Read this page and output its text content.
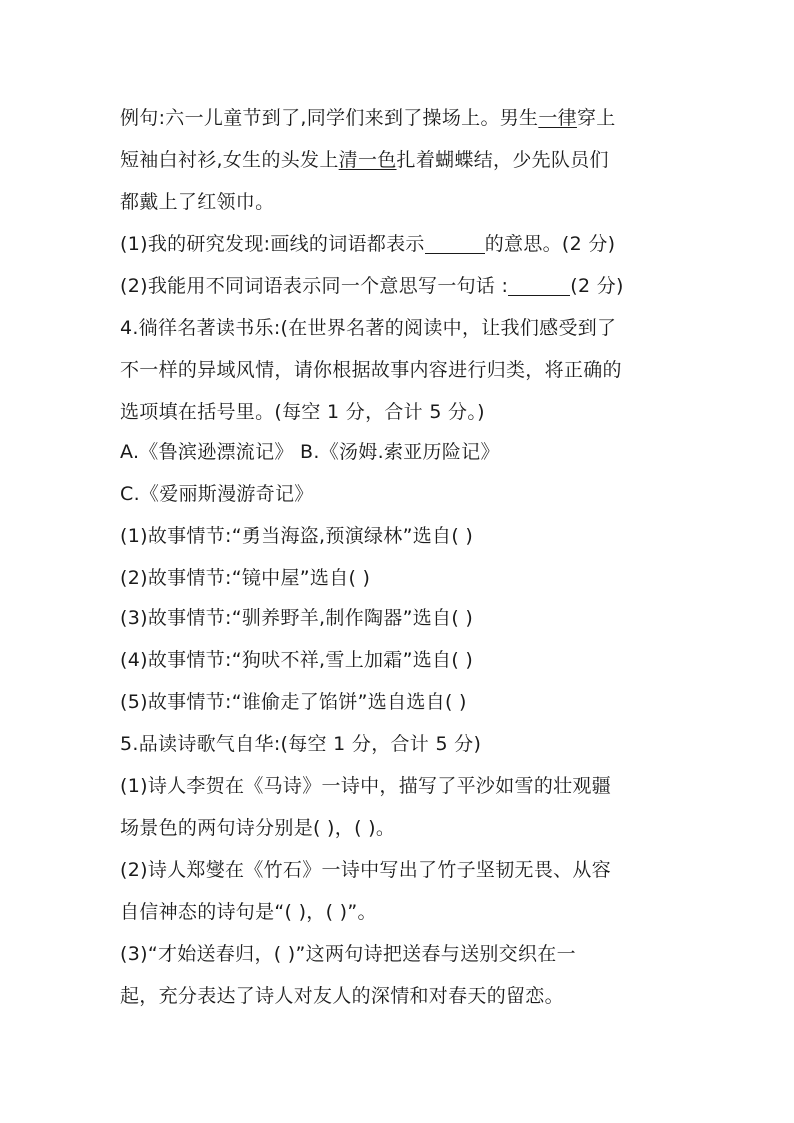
例句:六一儿童节到了,同学们来到了操场上。男生一律穿上
短袖白衬衫,女生的头发上清一色扎着蝴蝶结，少先队员们
都戴上了红领巾。
(1)我的研究发现:画线的词语都表示	的意思。(2 分)
(2)我能用不同词语表示同一个意思写一句话 :	(2 分)
4.徜徉名著读书乐:(在世界名著的阅读中，让我们感受到了
不一样的异域风情，请你根据故事内容进行归类，将正确的
选项填在括号里。(每空 1 分，合计 5 分。)
A.《鲁滨逊漂流记》 B.《汤姆.索亚历险记》
C.《爱丽斯漫游奇记》
(1)故事情节:“勇当海盗,预演绿林”选自( )
(2)故事情节:“镜中屋”选自( )
(3)故事情节:“驯养野羊,制作陶器”选自( )
(4)故事情节:“狗吠不祥,雪上加霜”选自( )
(5)故事情节:“谁偷走了馅饼”选自选自( )
5.品读诗歌气自华:(每空 1 分，合计 5 分)
(1)诗人李贺在《马诗》一诗中，描写了平沙如雪的壮观疆
场景色的两句诗分别是( )，( )。
(2)诗人郑燮在《竹石》一诗中写出了竹子坚韧无畏、从容
自信神态的诗句是“( )，( )”。
(3)“才始送春归，( )”这两句诗把送春与送别交织在一
起，充分表达了诗人对友人的深情和对春天的留恋。
